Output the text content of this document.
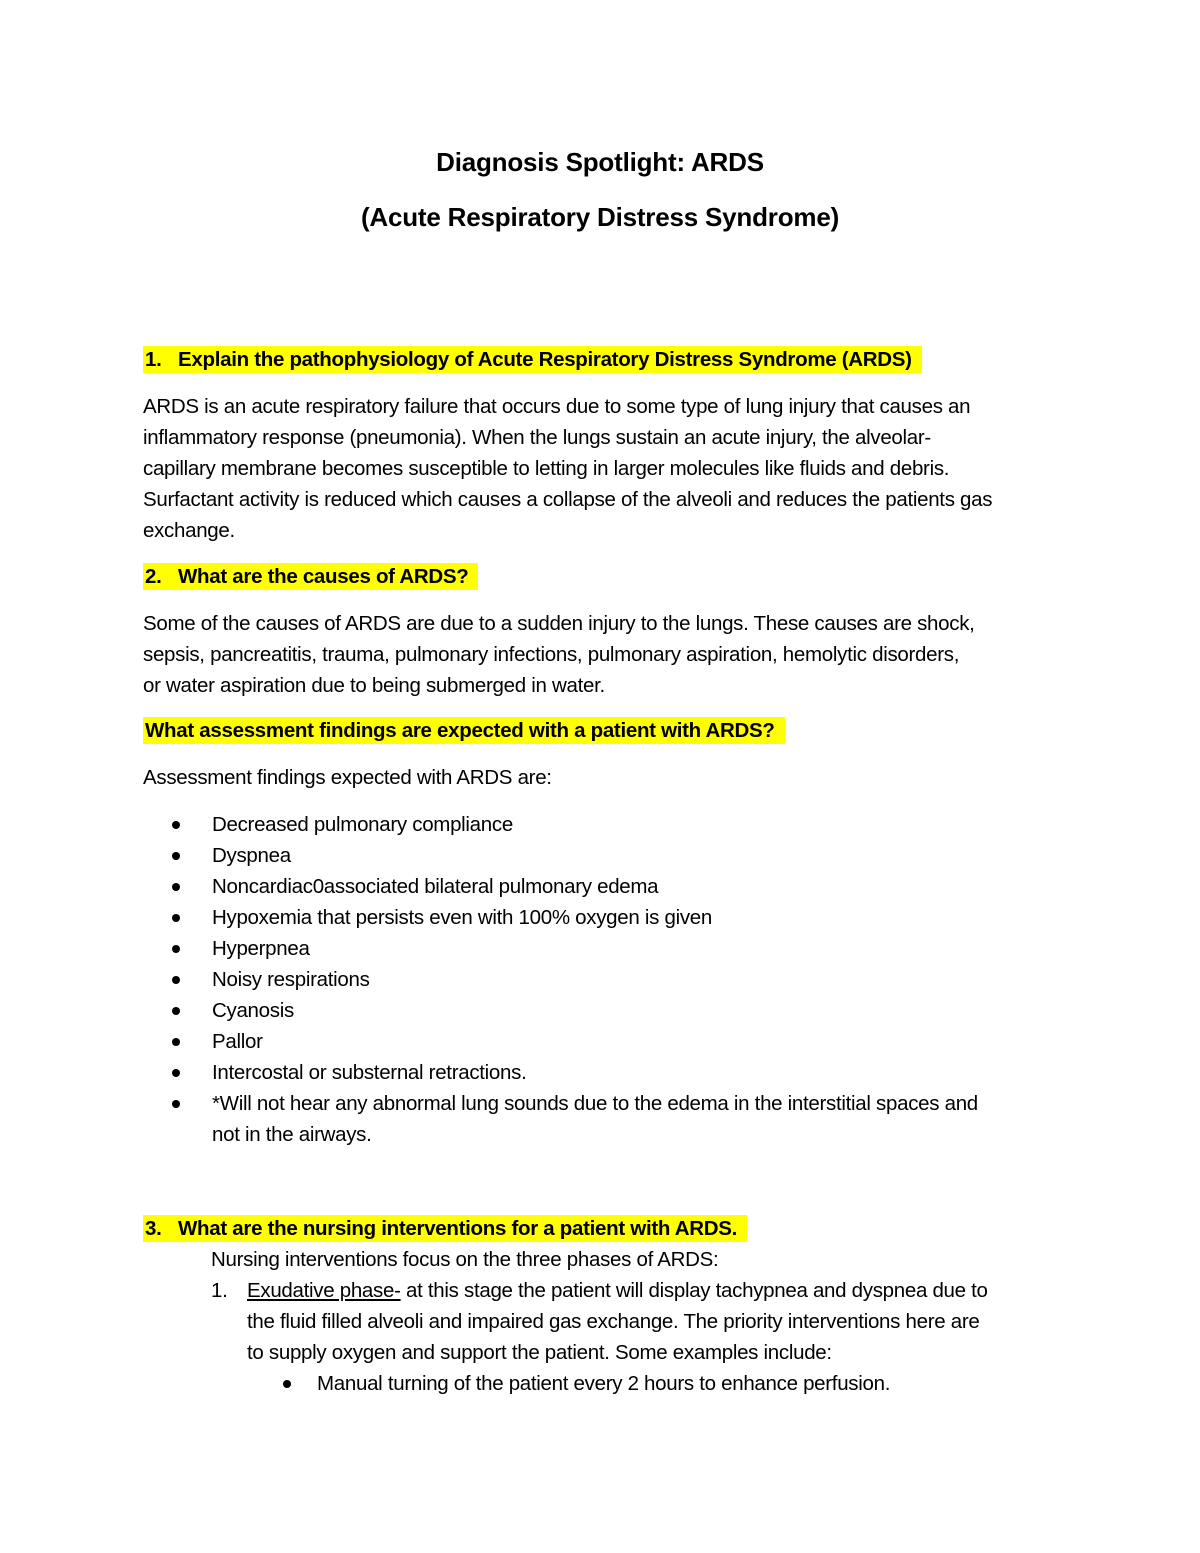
Diagnosis Spotlight: ARDS
(Acute Respiratory Distress Syndrome)
1. Explain the pathophysiology of Acute Respiratory Distress Syndrome (ARDS)
ARDS is an acute respiratory failure that occurs due to some type of lung injury that causes an
inflammatory response (pneumonia). When the lungs sustain an acute injury, the alveolar-
capillary membrane becomes susceptible to letting in larger molecules like fluids and debris.
Surfactant activity is reduced which causes a collapse of the alveoli and reduces the patients gas
exchange.
2. What are the causes of ARDS?
Some of the causes of ARDS are due to a sudden injury to the lungs. These causes are shock,
sepsis, pancreatitis, trauma, pulmonary infections, pulmonary aspiration, hemolytic disorders,
or water aspiration due to being submerged in water.
What assessment findings are expected with a patient with ARDS?
Assessment findings expected with ARDS are:
Decreased pulmonary compliance
Dyspnea
Noncardiac0associated bilateral pulmonary edema
Hypoxemia that persists even with 100% oxygen is given
Hyperpnea
Noisy respirations
Cyanosis
Pallor
Intercostal or substernal retractions.
*Will not hear any abnormal lung sounds due to the edema in the interstitial spaces and
not in the airways.
3. What are the nursing interventions for a patient with ARDS.
Nursing interventions focus on the three phases of ARDS:
1. Exudative phase- at this stage the patient will display tachypnea and dyspnea due to
the fluid filled alveoli and impaired gas exchange. The priority interventions here are
to supply oxygen and support the patient. Some examples include:
Manual turning of the patient every 2 hours to enhance perfusion.
